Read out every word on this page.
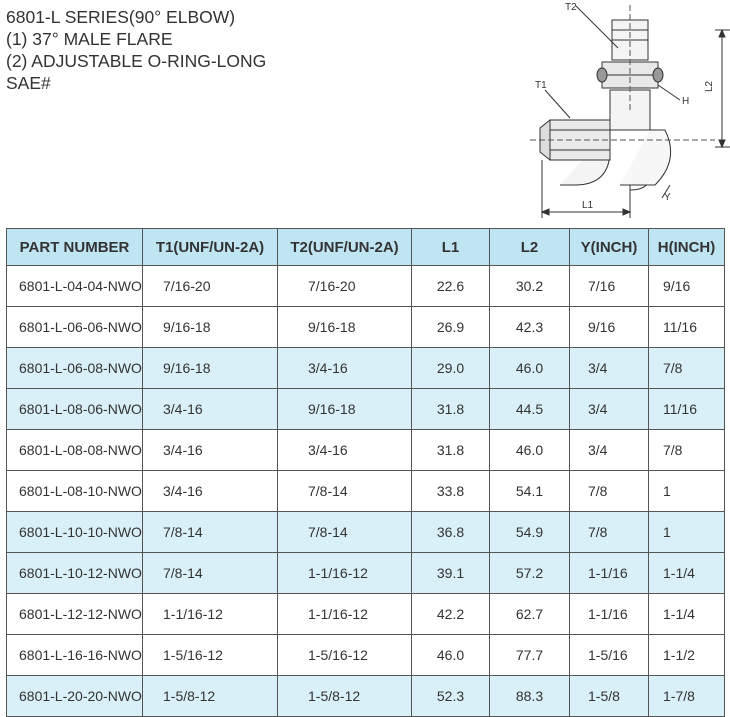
6801-L SERIES(90° ELBOW)
(1) 37° MALE FLARE
(2) ADJUSTABLE O-RING-LONG
SAE#
T2
T1
H
L2
L1
Y
PART NUMBER	T1(UNF/UN-2A)	T2(UNF/UN-2A)	L1	L2	Y(INCH)	H(INCH)
6801-L-04-04-NWO	7/16-20	7/16-20	22.6	30.2	7/16	9/16
6801-L-06-06-NWO	9/16-18	9/16-18	26.9	42.3	9/16	11/16
6801-L-06-08-NWO	9/16-18	3/4-16	29.0	46.0	3/4	7/8
6801-L-08-06-NWO	3/4-16	9/16-18	31.8	44.5	3/4	11/16
6801-L-08-08-NWO	3/4-16	3/4-16	31.8	46.0	3/4	7/8
6801-L-08-10-NWO	3/4-16	7/8-14	33.8	54.1	7/8	1
6801-L-10-10-NWO	7/8-14	7/8-14	36.8	54.9	7/8	1
6801-L-10-12-NWO	7/8-14	1-1/16-12	39.1	57.2	1-1/16	1-1/4
6801-L-12-12-NWO	1-1/16-12	1-1/16-12	42.2	62.7	1-1/16	1-1/4
6801-L-16-16-NWO	1-5/16-12	1-5/16-12	46.0	77.7	1-5/16	1-1/2
6801-L-20-20-NWO	1-5/8-12	1-5/8-12	52.3	88.3	1-5/8	1-7/8
